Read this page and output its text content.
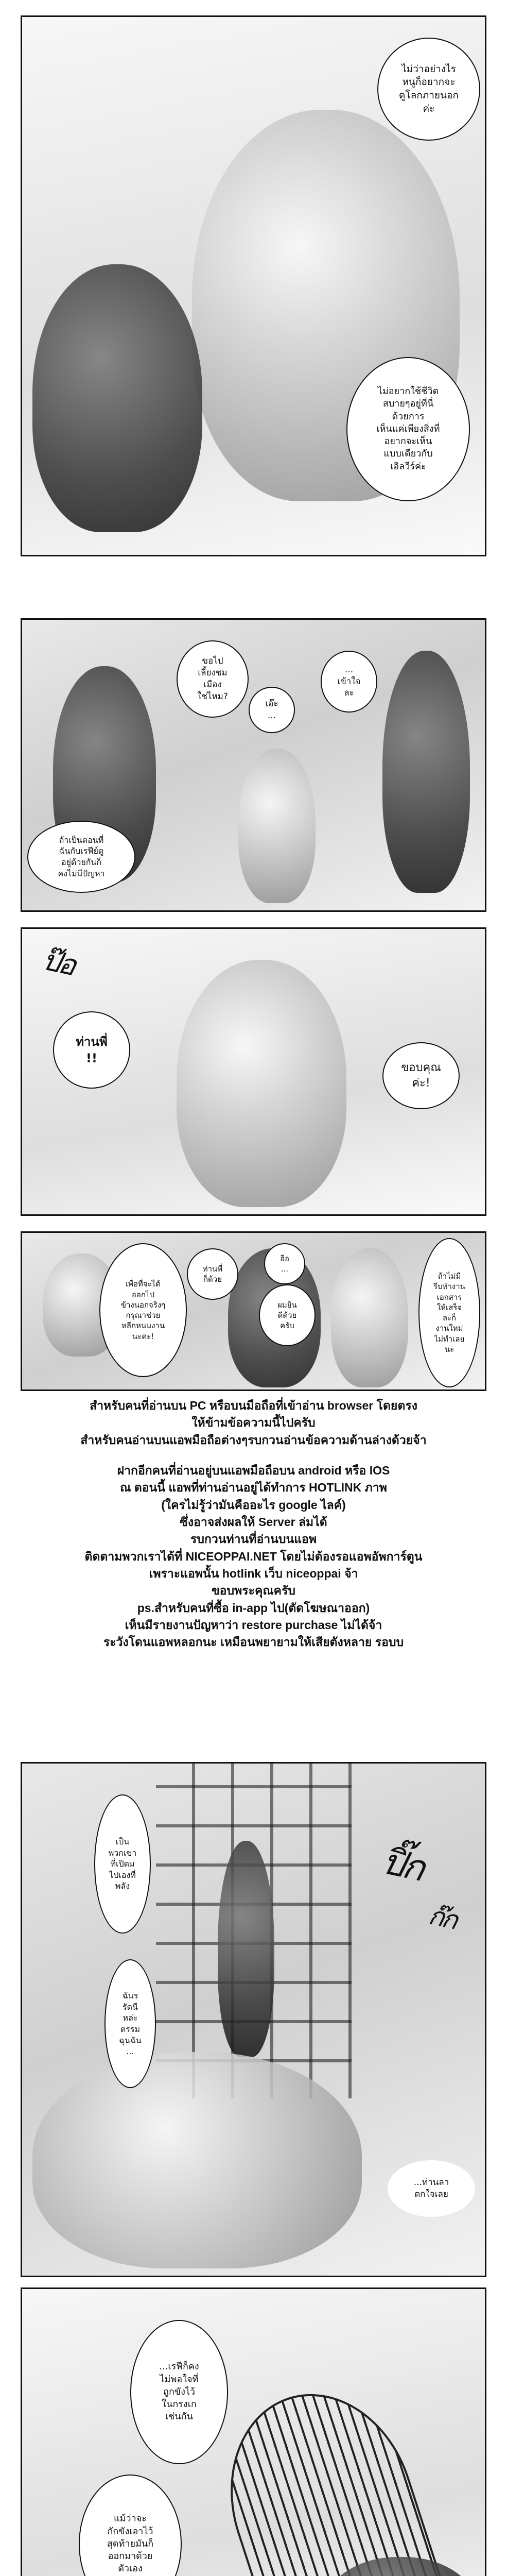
ไม่ว่าอย่างไร
หนูก็อยากจะ
ดูโลกภายนอก
ค่ะ
ไม่อยากใช้ชีวิต
สบายๆอยู่ที่นี่
ด้วยการ
เห็นแค่เพียงสิ่งที่
อยากจะเห็น
แบบเดียวกับ
เอิลวีร์ค่ะ
ขอไป
เลี้ยงชม
เมือง
ใช่ไหม?
เอ๊ะ
...
...
เข้าใจ
ละ
ถ้าเป็นตอนที่
ฉันกับเรฟีย์ดู
อยู่ด้วยกันก็
คงไม่มีปัญหา
ป๊อ
ท่านพี่
!!
ขอบคุณ
ค่ะ!
เพื่อที่จะได้
ออกไป
ข้างนอกจริงๆ
กรุณาช่วย
หลีกหนมงาน
นะคะ!
ท่านพี่
ก็ด้วย
อือ
...
ผมยิน
ดีด้วย
ครับ
ถ้าไม่มี
รีบทำงาน
เอกสาร
ให้เสร็จ
ละก็
งานใหม่
ไม่ทำเลย
นะ

สำหรับคนที่อ่านบน PC หรือบนมือถือที่เข้าอ่าน browser โดยตรง
ให้ข้ามข้อความนี้ไปครับ
สำหรับคนอ่านบนแอพมือถือต่างๆรบกวนอ่านข้อความด้านล่างด้วยจ้า

ฝากอีกคนที่อ่านอยู่บนแอพมือถือบน android หรือ IOS
ณ ตอนนี้ แอพที่ท่านอ่านอยู่ได้ทำการ HOTLINK ภาพ
(ใครไม่รู้ว่ามันคืออะไร google ไลค์)
ซึ่งอาจส่งผลให้ Server ล่มได้
รบกวนท่านที่อ่านบนแอพ
ติดตามพวกเราได้ที่ NICEOPPAI.NET โดยไม่ต้องรอแอพอัพการ์ตูน
เพราะแอพนั้น hotlink เว็บ niceoppai จ้า
ขอบพระคุณครับ
ps.สำหรับคนที่ซื้อ in-app ไป(ตัดโฆษณาออก)
เห็นมีรายงานปัญหาว่า restore purchase ไม่ได้จ้า
ระวังโดนแอพหลอกนะ เหมือนพยายามให้เสียตังหลาย รอบบ

ปิ๊ก
ก๊ก
เป็น
พวกเขา
ที่เปิดม
ไปเองที่
พลัง
ฉันร
รัดนี
หล่ะ
ตรรม
ฉุนฉัน
...
...ท่านลา
ตกใจเลย
...เรฟีก็คง
ไม่พอใจที่
ถูกขังไว้
ในกรงเก
เช่นกัน
แม้ว่าจะ
กักขังเอาไว้
สุดท้ายมันก็
ออกมาด้วย
ตัวเอง
